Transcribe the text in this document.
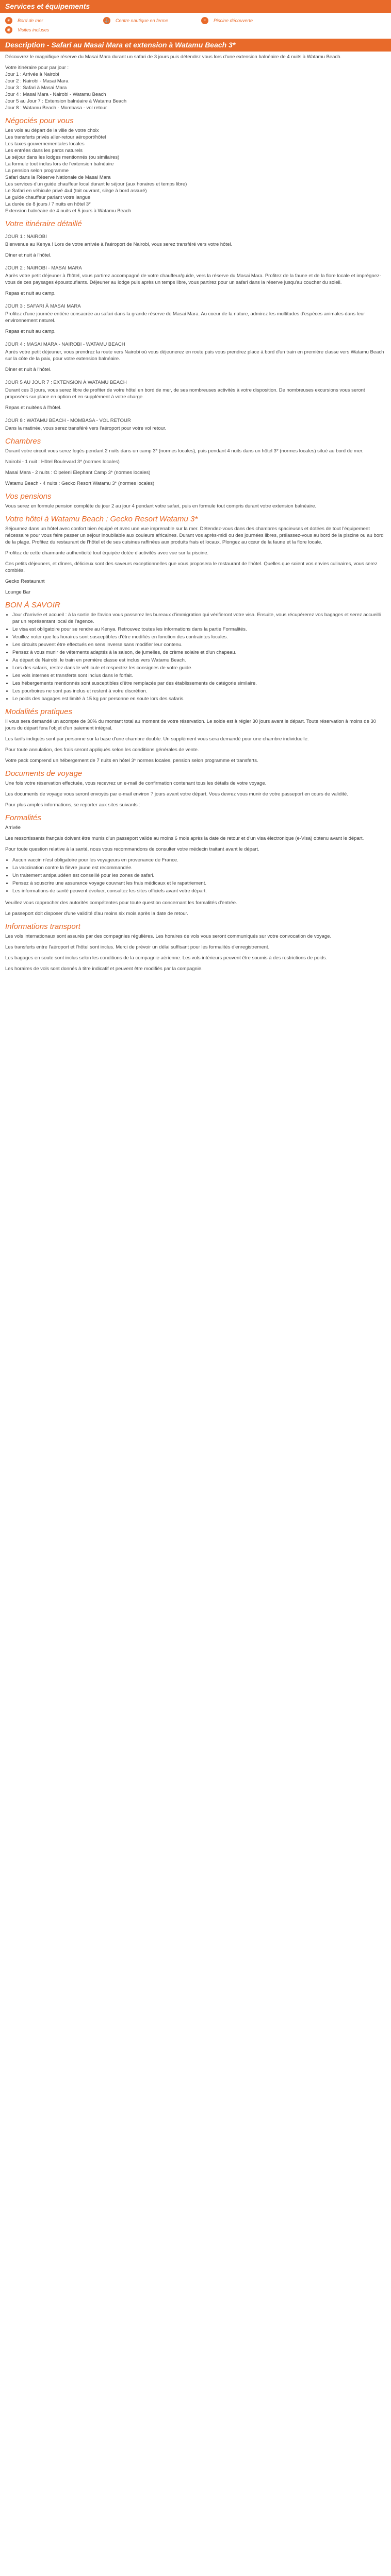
Services et équipements
☀	Bord de mer	⚓ Centre nautique en ferme	≈	Piscine découverte
◉	Visites incluses
Description - Safari au Masai Mara et extension à Watamu Beach 3*

Découvrez le magnifique réserve du Masai Mara durant un safari de 3 jours puis détendez vous lors d'une extension balnéaire de 4 nuits à Watamu Beach.

Votre itinéraire pour par jour :
Jour 1 : Arrivée à Nairobi
Jour 2 : Nairobi - Masai Mara
Jour 3 : Safari à Masai Mara
Jour 4 : Masai Mara - Nairobi - Watamu Beach
Jour 5 au Jour 7 : Extension balnéaire à Watamu Beach
Jour 8 : Watamu Beach - Mombasa - vol retour
Négociés pour vous
Les vols au départ de la ville de votre choix
Les transferts privés aller-retour aéroport/hôtel
Les taxes gouvernementales locales
Les entrées dans les parcs naturels
Le séjour dans les lodges mentionnés (ou similaires)
La formule tout inclus lors de l'extension balnéaire
La pension selon programme
Safari dans la Réserve Nationale de Masai Mara
Les services d'un guide chauffeur local durant le séjour (aux horaires et temps libre)
Le Safari en véhicule privé 4x4 (toit ouvrant, siège à bord assuré)
Le guide chauffeur parlant votre langue
La durée de 8 jours / 7 nuits en hôtel 3*
Extension balnéaire de 4 nuits et 5 jours à Watamu Beach
Votre itinéraire détaillé
JOUR 1 : NAIROBI

Bienvenue au Kenya ! Lors de votre arrivée à l'aéroport de Nairobi, vous serez transféré vers votre hôtel.

Dîner et nuit à l'hôtel.

JOUR 2 : NAIROBI - MASAI MARA

Après votre petit déjeuner à l'hôtel, vous partirez accompagné de votre chauffeur/guide, vers la réserve du Masai Mara. Profitez de la faune et de la flore locale et imprégnez-vous de ces paysages époustouflants. Déjeuner au lodge puis après un temps libre, vous partirez pour un safari dans la réserve jusqu'au coucher du soleil.

Repas et nuit au camp.

JOUR 3 : SAFARI À MASAI MARA

Profitez d'une journée entière consacrée au safari dans la grande réserve de Masai Mara. Au coeur de la nature, admirez les multitudes d'espèces animales dans leur environnement naturel.

Repas et nuit au camp.

JOUR 4 : MASAI MARA - NAIROBI - WATAMU BEACH

Après votre petit déjeuner, vous prendrez la route vers Nairobi où vous déjeunerez en route puis vous prendrez place à bord d'un train en première classe vers Watamu Beach sur la côte de la paix, pour votre extension balnéaire.

Dîner et nuit à l'hôtel.

JOUR 5 AU JOUR 7 : EXTENSION À WATAMU BEACH

Durant ces 3 jours, vous serez libre de profiter de votre hôtel en bord de mer, de ses nombreuses activités à votre disposition. De nombreuses excursions vous seront proposées sur place en option et en supplément à votre charge.

Repas et nuitées à l'hôtel.

JOUR 8 : WATAMU BEACH - MOMBASA - VOL RETOUR

Dans la matinée, vous serez transféré vers l'aéroport pour votre vol retour.

Chambres

Durant votre circuit vous serez logés pendant 2 nuits dans un camp 3* (normes locales), puis pendant 4 nuits dans un hôtel 3* (normes locales) situé au bord de mer.

Nairobi - 1 nuit : Hôtel Boulevard 3* (normes locales)

Masai Mara - 2 nuits : Olpeleni Elephant Camp 3* (normes locales)

Watamu Beach - 4 nuits : Gecko Resort Watamu 3* (normes locales)

Vos pensions

Vous serez en formule pension complète du jour 2 au jour 4 pendant votre safari, puis en formule tout compris durant votre extension balnéaire.

Votre hôtel à Watamu Beach : Gecko Resort Watamu 3*

Séjournez dans un hôtel avec confort bien équipé et avec une vue imprenable sur la mer. Détendez-vous dans des chambres spacieuses et dotées de tout l'équipement nécessaire pour vous faire passer un séjour inoubliable aux couleurs africaines. Durant vos après-midi ou des journées libres, prélassez-vous au bord de la piscine ou au bord de la plage. Profitez du restaurant de l'hôtel et de ses cuisines raffinées aux produits frais et locaux. Plongez au cœur de la faune et la flore locale.

Profitez de cette charmante authenticité tout équipée dotée d'activités avec vue sur la piscine.

Ces petits déjeuners, et dîners, délicieux sont des saveurs exceptionnelles que vous proposera le restaurant de l'hôtel. Quelles que soient vos envies culinaires, vous serez comblés.

Gecko Restaurant

Lounge Bar

BON À SAVOIR
• Jour d'arrivée et accueil : à la sortie de l'avion vous passerez les bureaux d'immigration qui vérifieront votre visa. Ensuite, vous récupérerez vos bagages et serez accueilli par un représentant local de l'agence.
• Le visa est obligatoire pour se rendre au Kenya. Retrouvez toutes les informations dans la partie Formalités.
• Veuillez noter que les horaires sont susceptibles d'être modifiés en fonction des contraintes locales.
• Les circuits peuvent être effectués en sens inverse sans modifier leur contenu.
• Pensez à vous munir de vêtements adaptés à la saison, de jumelles, de crème solaire et d'un chapeau.
• Au départ de Nairobi, le train en première classe est inclus vers Watamu Beach.
• Lors des safaris, restez dans le véhicule et respectez les consignes de votre guide.
• Les vols internes et transferts sont inclus dans le forfait.
• Les hébergements mentionnés sont susceptibles d'être remplacés par des établissements de catégorie similaire.
• Les pourboires ne sont pas inclus et restent à votre discrétion.
• Le poids des bagages est limité à 15 kg par personne en soute lors des safaris.
Modalités pratiques

Il vous sera demandé un acompte de 30% du montant total au moment de votre réservation. Le solde est à régler 30 jours avant le départ. Toute réservation à moins de 30 jours du départ fera l'objet d'un paiement intégral.

Les tarifs indiqués sont par personne sur la base d'une chambre double. Un supplément vous sera demandé pour une chambre individuelle.

Pour toute annulation, des frais seront appliqués selon les conditions générales de vente.

Votre pack comprend un hébergement de 7 nuits en hôtel 3* normes locales, pension selon programme et transferts.

Documents de voyage

Une fois votre réservation effectuée, vous recevrez un e-mail de confirmation contenant tous les détails de votre voyage.

Les documents de voyage vous seront envoyés par e-mail environ 7 jours avant votre départ. Vous devrez vous munir de votre passeport en cours de validité.

Pour plus amples informations, se reporter aux sites suivants :

Formalités

Arrivée

Les ressortissants français doivent être munis d'un passeport valide au moins 6 mois après la date de retour et d'un visa électronique (e-Visa) obtenu avant le départ.

Pour toute question relative à la santé, nous vous recommandons de consulter votre médecin traitant avant le départ.

• Aucun vaccin n'est obligatoire pour les voyageurs en provenance de France.
• La vaccination contre la fièvre jaune est recommandée.
• Un traitement antipaludéen est conseillé pour les zones de safari.
• Pensez à souscrire une assurance voyage couvrant les frais médicaux et le rapatriement.
• Les informations de santé peuvent évoluer, consultez les sites officiels avant votre départ.

Veuillez vous rapprocher des autorités compétentes pour toute question concernant les formalités d'entrée.

Le passeport doit disposer d'une validité d'au moins six mois après la date de retour.

Informations transport

Les vols internationaux sont assurés par des compagnies régulières. Les horaires de vols vous seront communiqués sur votre convocation de voyage.

Les transferts entre l'aéroport et l'hôtel sont inclus. Merci de prévoir un délai suffisant pour les formalités d'enregistrement.

Les bagages en soute sont inclus selon les conditions de la compagnie aérienne. Les vols intérieurs peuvent être soumis à des restrictions de poids.

Les horaires de vols sont donnés à titre indicatif et peuvent être modifiés par la compagnie.
